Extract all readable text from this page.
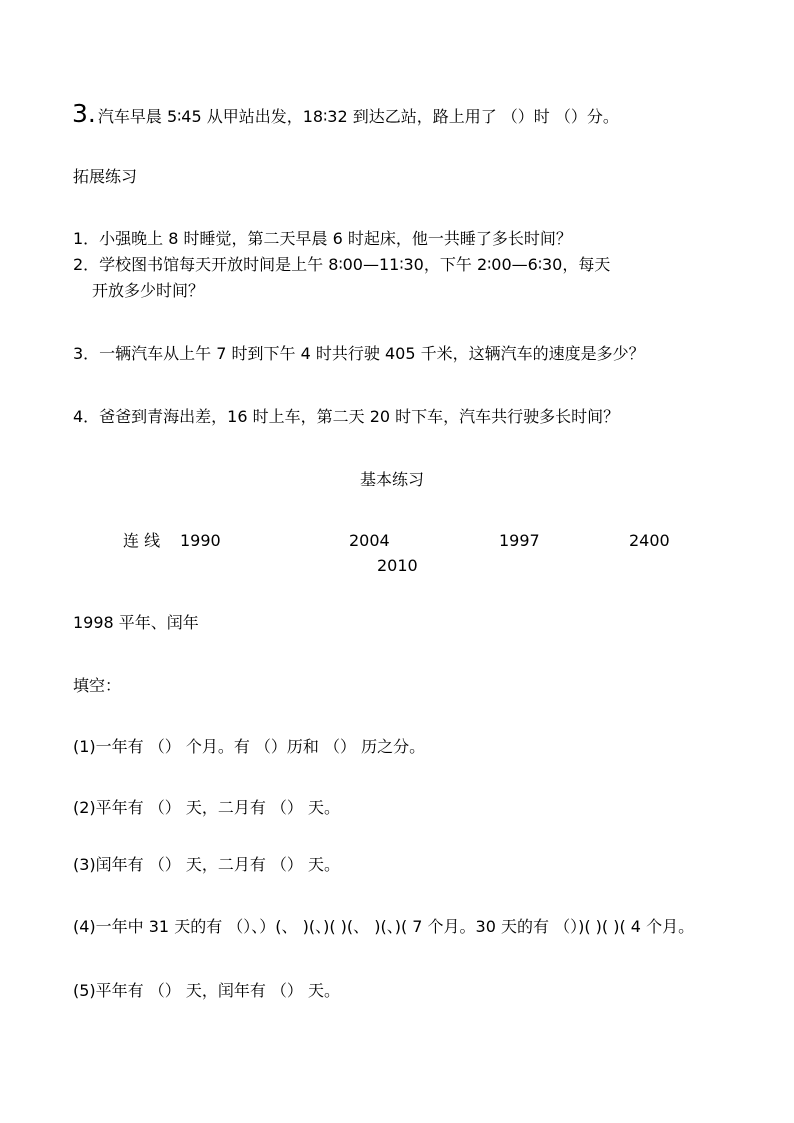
3. 汽车早晨 5∶45 从甲站出发，18∶32 到达乙站，路上用了 （）时 （）分。
拓展练习
1．小强晚上 8 时睡觉，第二天早晨 6 时起床，他一共睡了多长时间？
2．学校图书馆每天开放时间是上午 8∶00—11∶30，下午 2∶00—6∶30，每天
开放多少时间？
3．一辆汽车从上午 7 时到下午 4 时共行驶 405 千米，这辆汽车的速度是多少？
4．爸爸到青海出差，16 时上车，第二天 20 时下车，汽车共行驶多长时间？
基本练习
连 线 1990	2004	1997	2400
2010
1998 平年、闰年
填空：
(1)一年有 （） 个月。有 （）历和 （） 历之分。
(2)平年有 （） 天，二月有 （） 天。
(3)闰年有 （） 天，二月有 （） 天。
(4)一年中 31 天的有 （）、）(、 )(、)( )(、 )(、)( 7 个月。30 天的有 （）)( )( )( 4 个月。
(5)平年有 （） 天，闰年有 （） 天。
